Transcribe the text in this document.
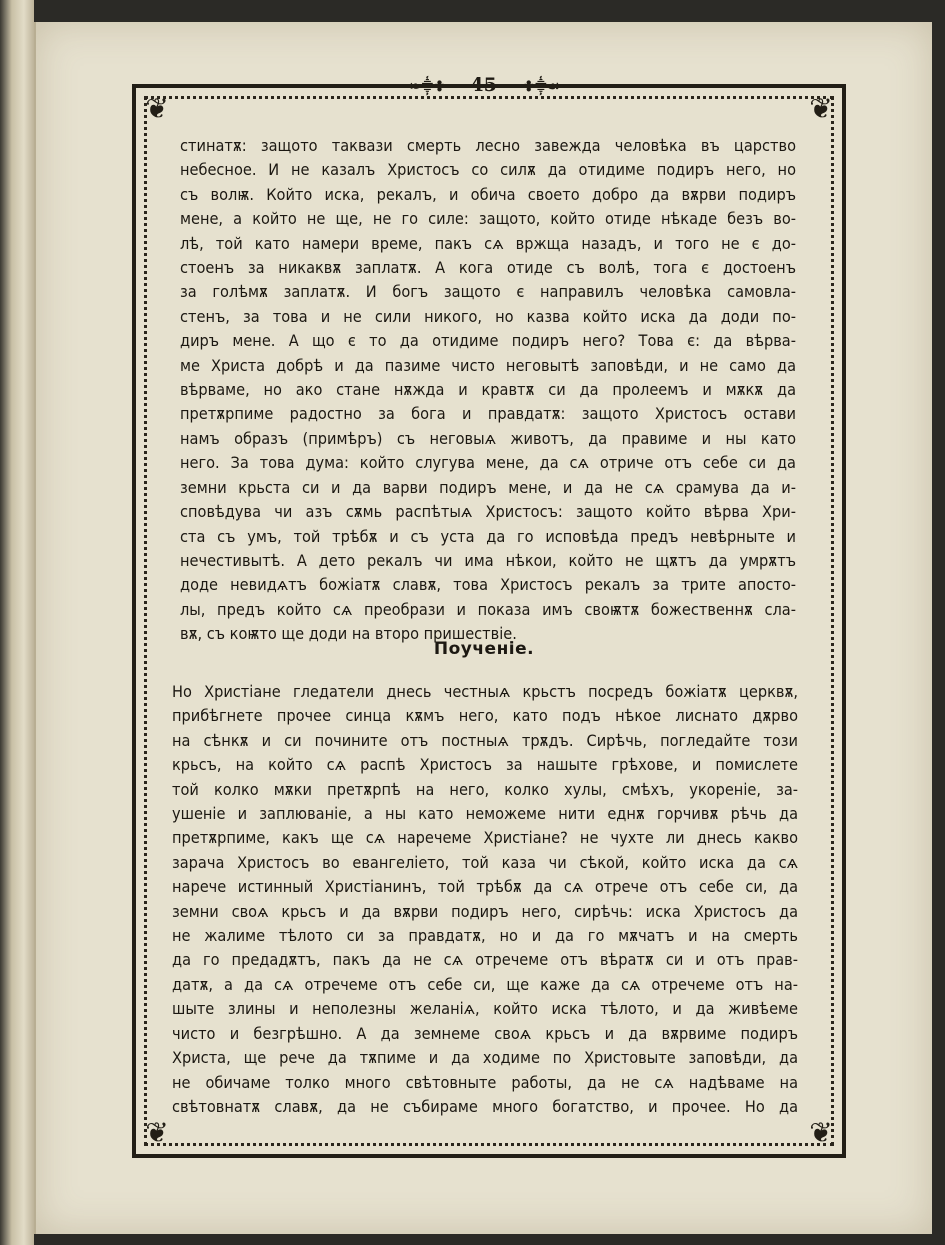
❧⸎✤ 45 ✤⸎☙
❦	❦
❦	❦
стинатѫ: защото таквази смерть лесно завежда человѣка въ царство
небесное. И не казалъ Христосъ со силѫ да отидиме подиръ него, но
съ волѭ. Който иска, рекалъ, и обича своето добро да вѫрви подиръ
мене, а който не ще, не го силе: защото, който отиде нѣкаде безъ во-
лѣ, той като намери време, пакъ сѧ вржща назадъ, и того не є до-
стоенъ за никаквѫ заплатѫ. А кога отиде съ волѣ, тога є достоенъ
за голѣмѫ заплатѫ. И богъ защото є направилъ человѣка самовла-
стенъ, за това и не сили никого, но казва който иска да доди по-
диръ мене. А що є то да отидиме подиръ него? Това є: да вѣрва-
ме Христа добрѣ и да пазиме чисто неговытѣ заповѣди, и не само да
вѣрваме, но ако стане нѫжда и кравтѫ си да пролеемъ и мѫкѫ да
претѫрпиме радостно за бога и правдатѫ: защото Христосъ остави
намъ образъ (примѣръ) съ неговыѧ животъ, да правиме и ны като
него. За това дума: който слугува мене, да сѧ отриче отъ себе си да
земни крьста си и да варви подиръ мене, и да не сѧ срамува да и-
сповѣдува чи азъ сѫмь распѣтыѧ Христосъ: защото който вѣрва Хри-
ста съ умъ, той трѣбѫ и съ уста да го исповѣда предъ невѣрныте и
нечестивытѣ. А дето рекалъ чи има нѣкои, който не щѫтъ да умрѫтъ
доде невидѧтъ божіатѫ славѫ, това Христосъ рекалъ за трите апосто-
лы, предъ който сѧ преобрази и показа имъ своѭтѫ божественнѫ сла-
вѫ, съ коѭто ще доди на второ пришествіе.
Поученіе.
Но Христіане гледатели днесь честныѧ крьстъ посредъ божіатѫ церквѫ,
прибѣгнете прочее синца кѫмъ него, като подъ нѣкое лиснато дѫрво
на сѣнкѫ и си почините отъ постныѧ трѫдъ. Сирѣчь, погледайте този
крьсъ, на който сѧ распѣ Христосъ за нашыте грѣхове, и помислете
той колко мѫки претѫрпѣ на него, колко хулы, смѣхъ, укореніе, за-
ушеніе и заплюваніе, а ны като неможеме нити еднѫ горчивѫ рѣчь да
претѫрпиме, какъ ще сѧ наречеме Христіане? не чухте ли днесь какво
зарача Христосъ во евангеліето, той каза чи сѣкой, който иска да сѧ
нарече истинный Христіанинъ, той трѣбѫ да сѧ отрече отъ себе си, да
земни своѧ крьсъ и да вѫрви подиръ него, сирѣчь: иска Христосъ да
не жалиме тѣлото си за правдатѫ, но и да го мѫчатъ и на смерть
да го предадѫтъ, пакъ да не сѧ отречеме отъ вѣратѫ си и отъ прав-
датѫ, а да сѧ отречеме отъ себе си, ще каже да сѧ отречеме отъ на-
шыте злины и неполезны желаніѧ, който иска тѣлото, и да живѣеме
чисто и безгрѣшно. А да земнеме своѧ крьсъ и да вѫрвиме подиръ
Христа, ще рече да тѫпиме и да ходиме по Христовыте заповѣди, да
не обичаме толко много свѣтовныте работы, да не сѧ надѣваме на
свѣтовнатѫ славѫ, да не събираме много богатство, и прочее. Но да
